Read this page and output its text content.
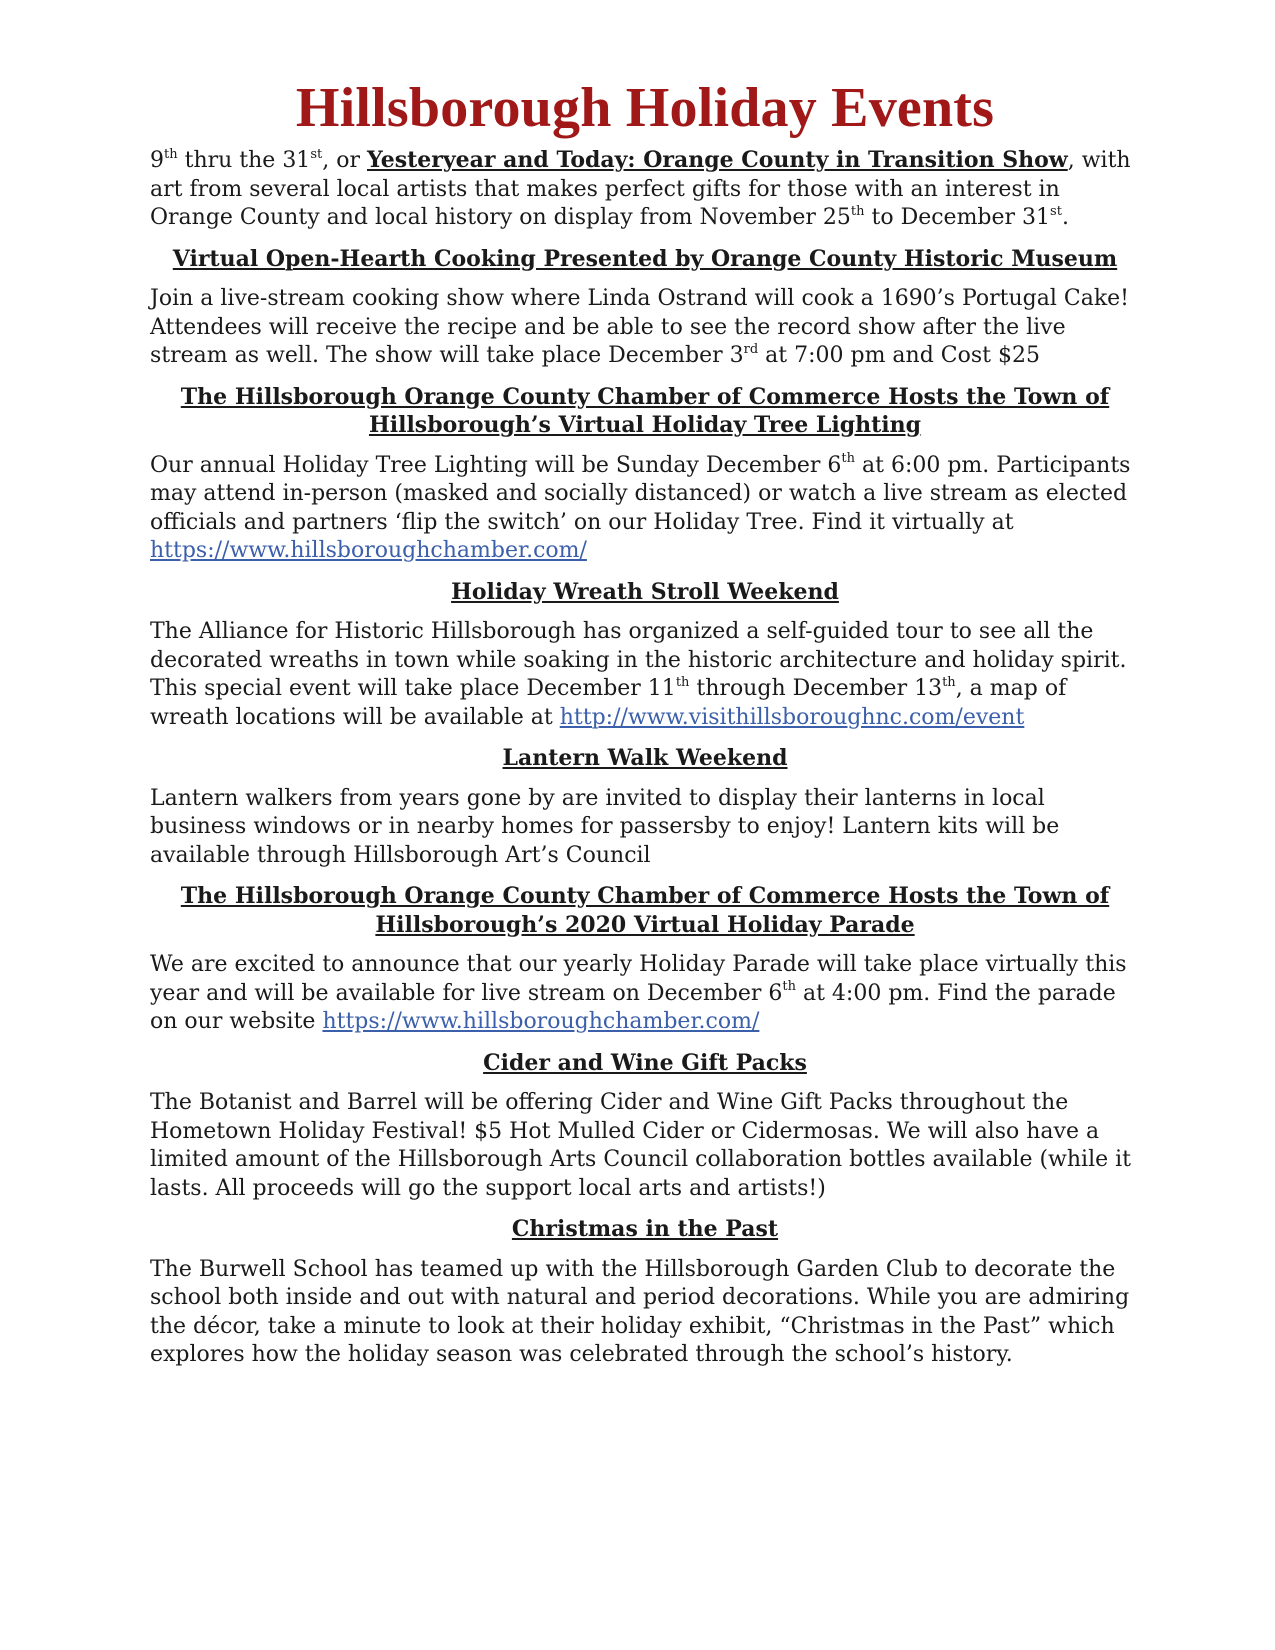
Hillsborough Holiday Events

9th thru the 31st, or Yesteryear and Today: Orange County in Transition Show, with art from several local artists that makes perfect gifts for those with an interest in Orange County and local history on display from November 25th to December 31st.

Virtual Open-Hearth Cooking Presented by Orange County Historic Museum

Join a live-stream cooking show where Linda Ostrand will cook a 1690’s Portugal Cake! Attendees will receive the recipe and be able to see the record show after the live stream as well. The show will take place December 3rd at 7:00 pm and Cost $25

The Hillsborough Orange County Chamber of Commerce Hosts the Town of Hillsborough’s Virtual Holiday Tree Lighting

Our annual Holiday Tree Lighting will be Sunday December 6th at 6:00 pm. Participants may attend in-person (masked and socially distanced) or watch a live stream as elected officials and partners ‘flip the switch’ on our Holiday Tree. Find it virtually at https://www.hillsboroughchamber.com/

Holiday Wreath Stroll Weekend

The Alliance for Historic Hillsborough has organized a self-guided tour to see all the decorated wreaths in town while soaking in the historic architecture and holiday spirit. This special event will take place December 11th through December 13th, a map of wreath locations will be available at http://www.visithillsboroughnc.com/event

Lantern Walk Weekend

Lantern walkers from years gone by are invited to display their lanterns in local business windows or in nearby homes for passersby to enjoy! Lantern kits will be available through Hillsborough Art’s Council

The Hillsborough Orange County Chamber of Commerce Hosts the Town of Hillsborough’s 2020 Virtual Holiday Parade

We are excited to announce that our yearly Holiday Parade will take place virtually this year and will be available for live stream on December 6th at 4:00 pm. Find the parade on our website https://www.hillsboroughchamber.com/

Cider and Wine Gift Packs

The Botanist and Barrel will be offering Cider and Wine Gift Packs throughout the Hometown Holiday Festival! $5 Hot Mulled Cider or Cidermosas. We will also have a limited amount of the Hillsborough Arts Council collaboration bottles available (while it lasts. All proceeds will go the support local arts and artists!)

Christmas in the Past

The Burwell School has teamed up with the Hillsborough Garden Club to decorate the school both inside and out with natural and period decorations. While you are admiring the décor, take a minute to look at their holiday exhibit, “Christmas in the Past” which explores how the holiday season was celebrated through the school’s history.
